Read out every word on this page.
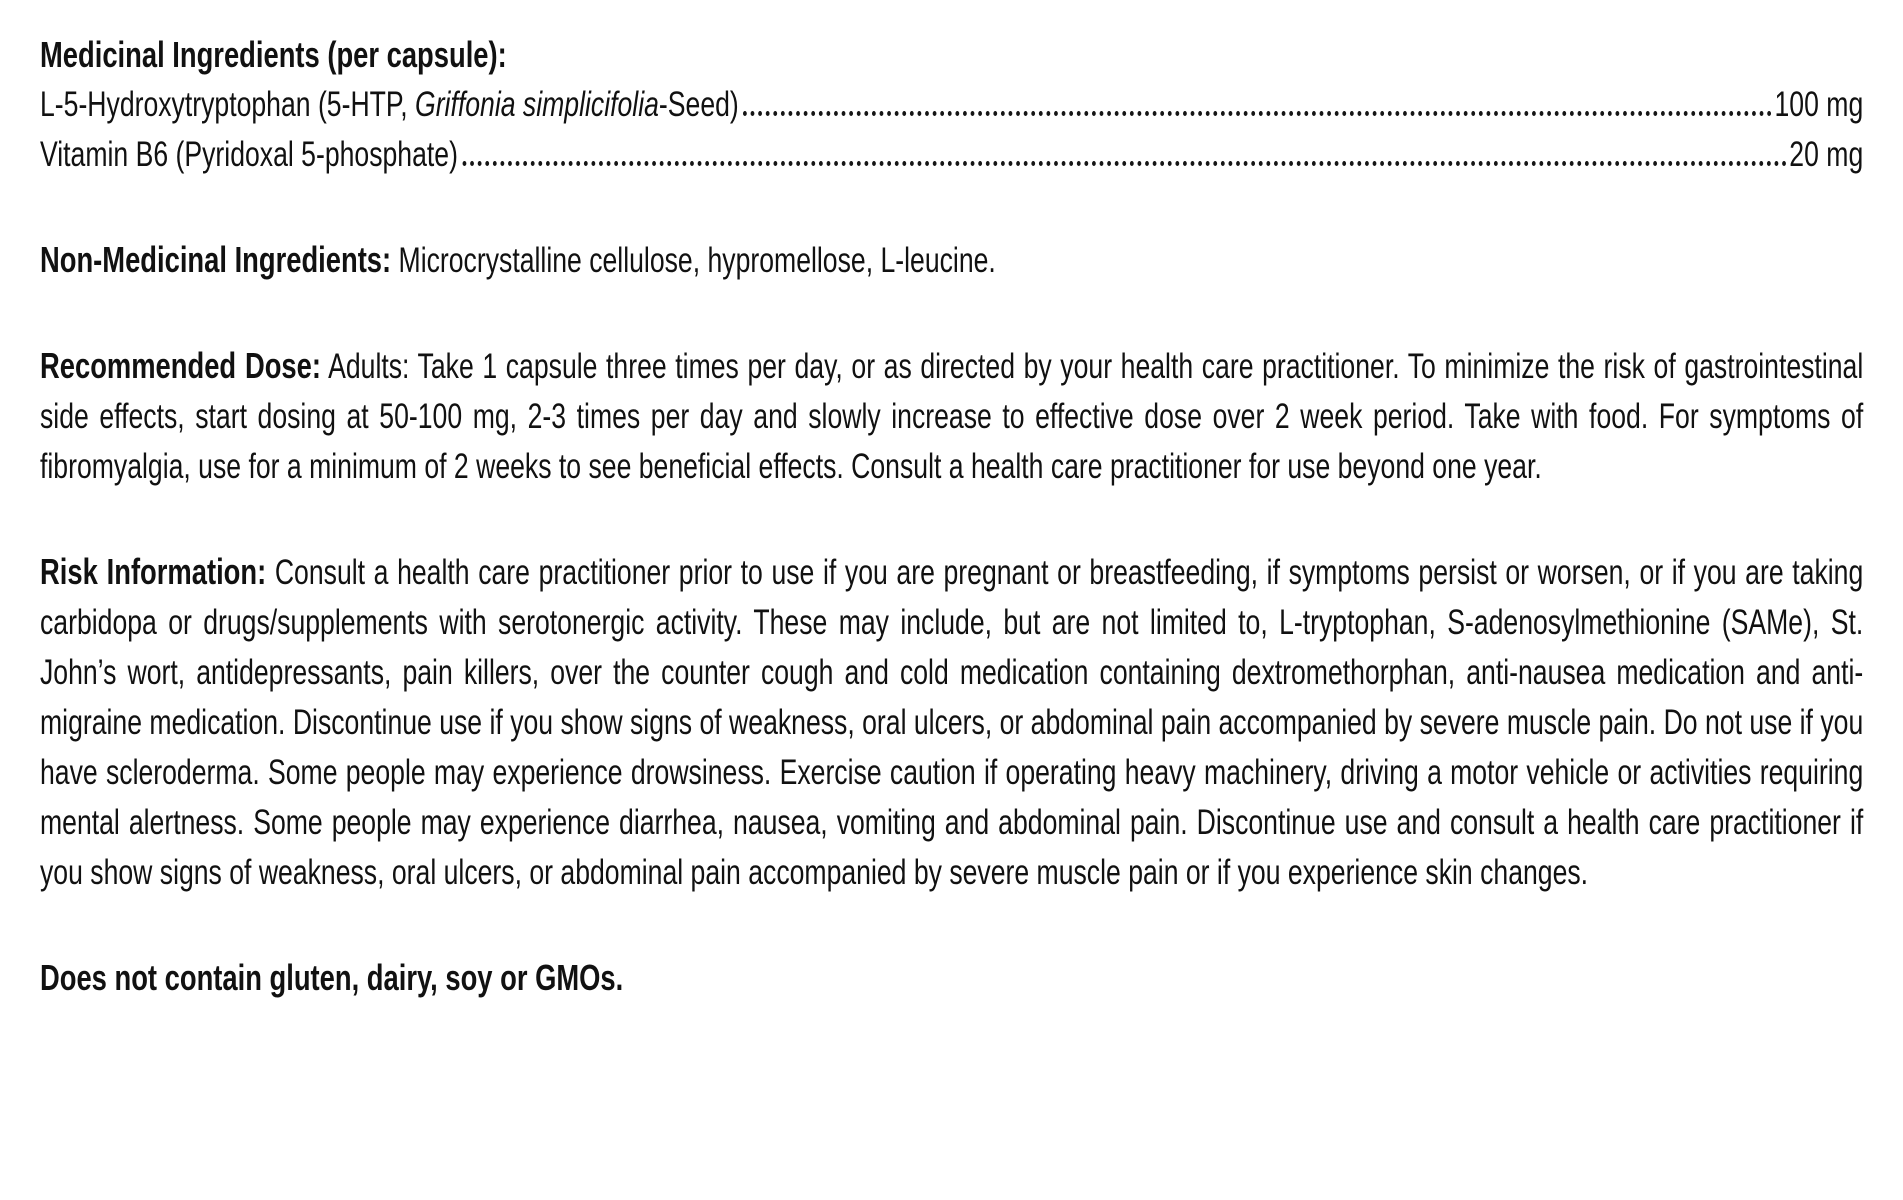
Medicinal Ingredients (per capsule):
L-5-Hydroxytryptophan (5-HTP, Griffonia simplicifolia-Seed)	100 mg
Vitamin B6 (Pyridoxal 5-phosphate)	20 mg

Non-Medicinal Ingredients: Microcrystalline cellulose, hypromellose, L-leucine.

Recommended Dose: Adults: Take 1 capsule three times per day, or as directed by your health care practitioner. To minimize the risk of gastrointestinal side effects, start dosing at 50-100 mg, 2-3 times per day and slowly increase to effective dose over 2 week period. Take with food. For symptoms of fibromyalgia, use for a minimum of 2 weeks to see beneficial effects. Consult a health care practitioner for use beyond one year.

Risk Information: Consult a health care practitioner prior to use if you are pregnant or breastfeeding, if symptoms persist or worsen, or if you are taking carbidopa or drugs/supplements with serotonergic activity. These may include, but are not limited to, L-tryptophan, S-adenosylmethionine (SAMe), St. John’s wort, antidepressants, pain killers, over the counter cough and cold medication containing dextromethorphan, anti-nausea medication and anti-migraine medication. Discontinue use if you show signs of weakness, oral ulcers, or abdominal pain accompanied by severe muscle pain. Do not use if you have scleroderma. Some people may experience drowsiness. Exercise caution if operating heavy machinery, driving a motor vehicle or activities requiring mental alertness. Some people may experience diarrhea, nausea, vomiting and abdominal pain. Discontinue use and consult a health care practitioner if you show signs of weakness, oral ulcers, or abdominal pain accompanied by severe muscle pain or if you experience skin changes.

Does not contain gluten, dairy, soy or GMOs.
